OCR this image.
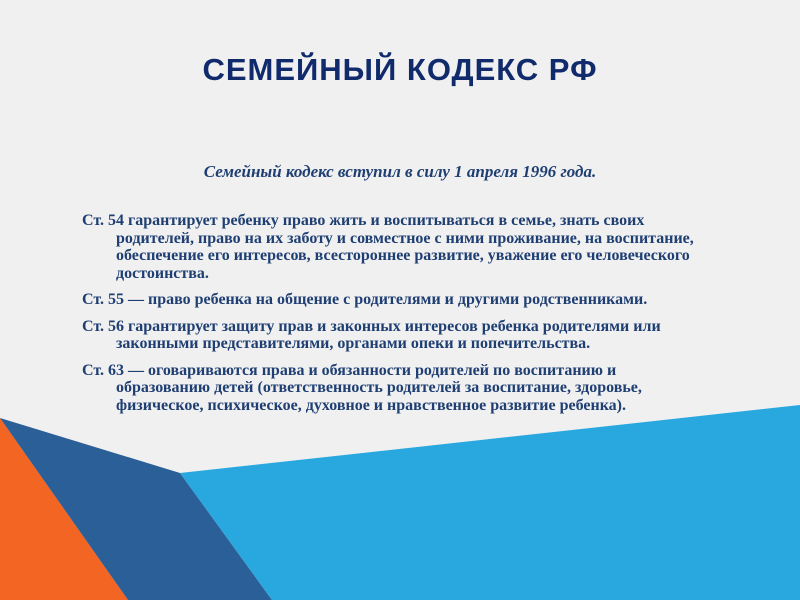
СЕМЕЙНЫЙ КОДЕКС РФ

Семейный кодекс вступил в силу 1 апреля 1996 года.

Ст. 54 гарантирует ребенку право жить и воспитываться в семье, знать своих родителей, право на их заботу и совместное с ними проживание, на воспитание, обеспечение его интересов, всестороннее развитие, уважение его человеческого достоинства.
Ст. 55 — право ребенка на общение с родителями и другими родственниками.
Ст. 56 гарантирует защиту прав и законных интересов ребенка родителями или законными представителями, органами опеки и попечительства.
Ст. 63 — оговариваются права и обязанности родителей по воспитанию и образованию детей (ответственность родителей за воспитание, здоровье, физическое, психическое, духовное и нравственное развитие ребенка).
